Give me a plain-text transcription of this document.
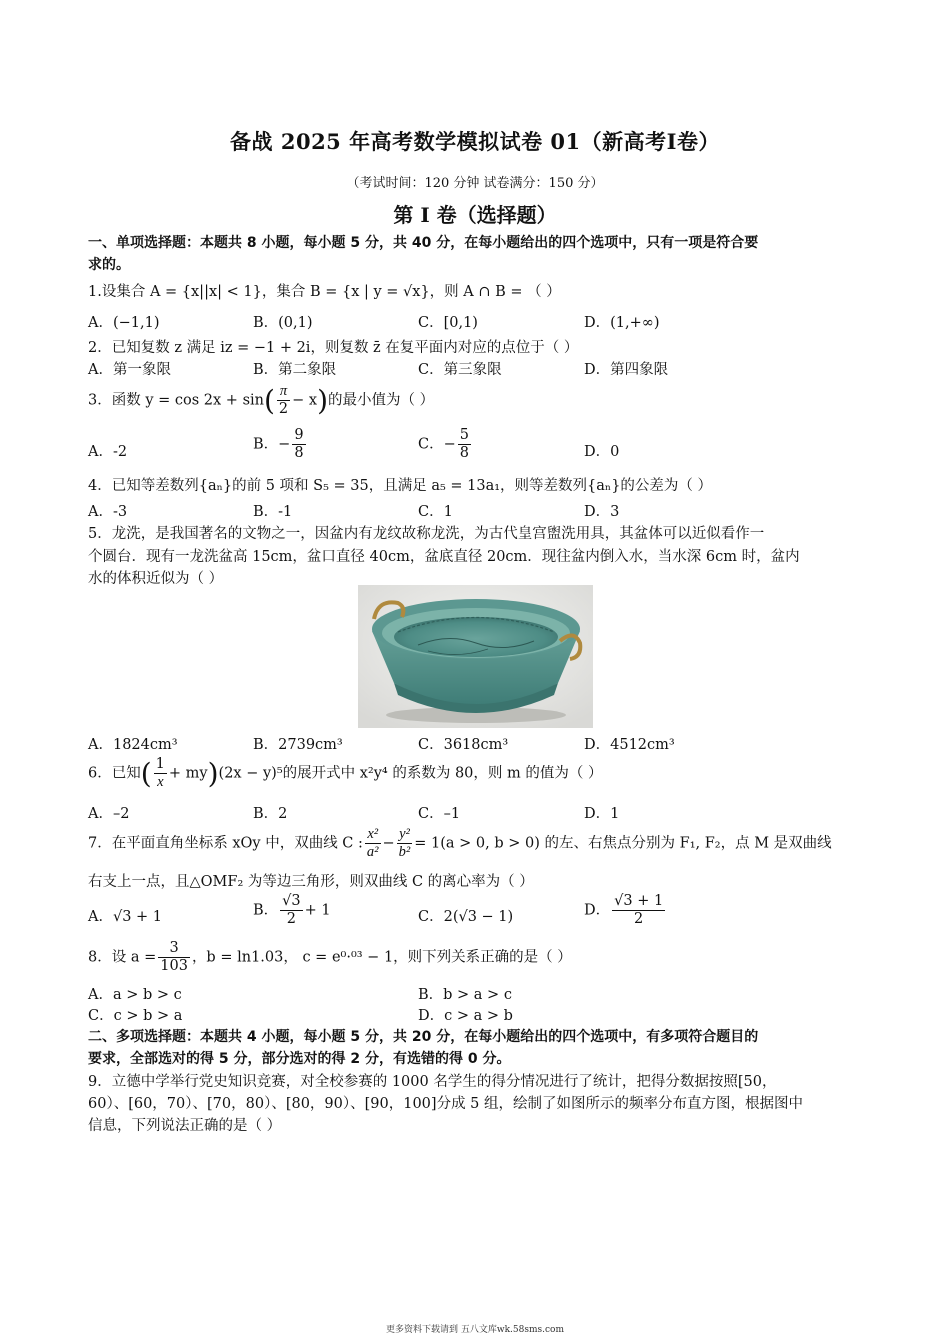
备战 2025 年高考数学模拟试卷 01（新高考Ⅰ卷）
（考试时间：120 分钟 试卷满分：150 分）
第 I 卷（选择题）
一、单项选择题：本题共 8 小题，每小题 5 分，共 40 分，在每小题给出的四个选项中，只有一项是符合要
求的。
1.设集合 A = {x||x| < 1}，集合 B = {x | y = √x}，则 A ∩ B = （ ）
A．(−1,1)	B．(0,1)	C．[0,1)	D．(1,+∞)
2．已知复数 z 满足 iz = −1 + 2i，则复数 z̄ 在复平面内对应的点位于（ ）
A．第一象限	B．第二象限	C．第三象限	D．第四象限
3．函数 $y = \cos 2x + \sin( \frac{\pi}{2} - x)$的最小值为（ ）
A．-2	B．− $\frac{9}{8}$	C．− $\frac{5}{8}$	D．0
4．已知等差数列{aₙ}的前 5 项和 S₅ = 35，且满足 a₅ = 13a₁，则等差数列{aₙ}的公差为（ ）
A．-3	B．-1	C．1	D．3
5．龙洗，是我国著名的文物之一，因盆内有龙纹故称龙洗，为古代皇宫盥洗用具，其盆体可以近似看作一
个圆台．现有一龙洗盆高 15cm，盆口直径 40cm，盆底直径 20cm．现往盆内倒入水，当水深 6cm 时，盆内
水的体积近似为（ ）
A．1824cm³	B．2739cm³	C．3618cm³	D．4512cm³
6．已知( $\frac{1}{x} + my)(2x - y)^5$的展开式中 x²y⁴ 的系数为 80，则 m 的值为（ ）
A．–2	B．2	C．–1	D．1
7．在平面直角坐标系 xOy 中，双曲线 C : $\frac{\text{x²}}{\text{a²}} - \frac{\text{y²}}{\text{b²}} = 1(a > 0$, b > 0) 的左、右焦点分别为 F₁, F₂，点 M 是双曲线
右支上一点，且△OMF₂ 为等边三角形，则双曲线 C 的离心率为（ ）
A．√3 + 1	B． $\frac{√3}{2} + 1$	C．2(√3 − 1)	D． $\frac{√3 + 1}{2}$
8．设 $a = \frac{3}{103}$ ，b = ln1.03， c = e⁰·⁰³ − 1，则下列关系正确的是（ ）
A．a > b > c	B．b > a > c
C．c > b > a	D．c > a > b
二、多项选择题：本题共 4 小题，每小题 5 分，共 20 分，在每小题给出的四个选项中，有多项符合题目的
要求，全部选对的得 5 分，部分选对的得 2 分，有选错的得 0 分。
9．立德中学举行党史知识竞赛，对全校参赛的 1000 名学生的得分情况进行了统计，把得分数据按照[50，
60）、[60，70）、[70，80）、[80，90）、[90，100]分成 5 组，绘制了如图所示的频率分布直方图，根据图中
信息，下列说法正确的是（ ）
更多资料下载请到 五八文库wk.58sms.com
